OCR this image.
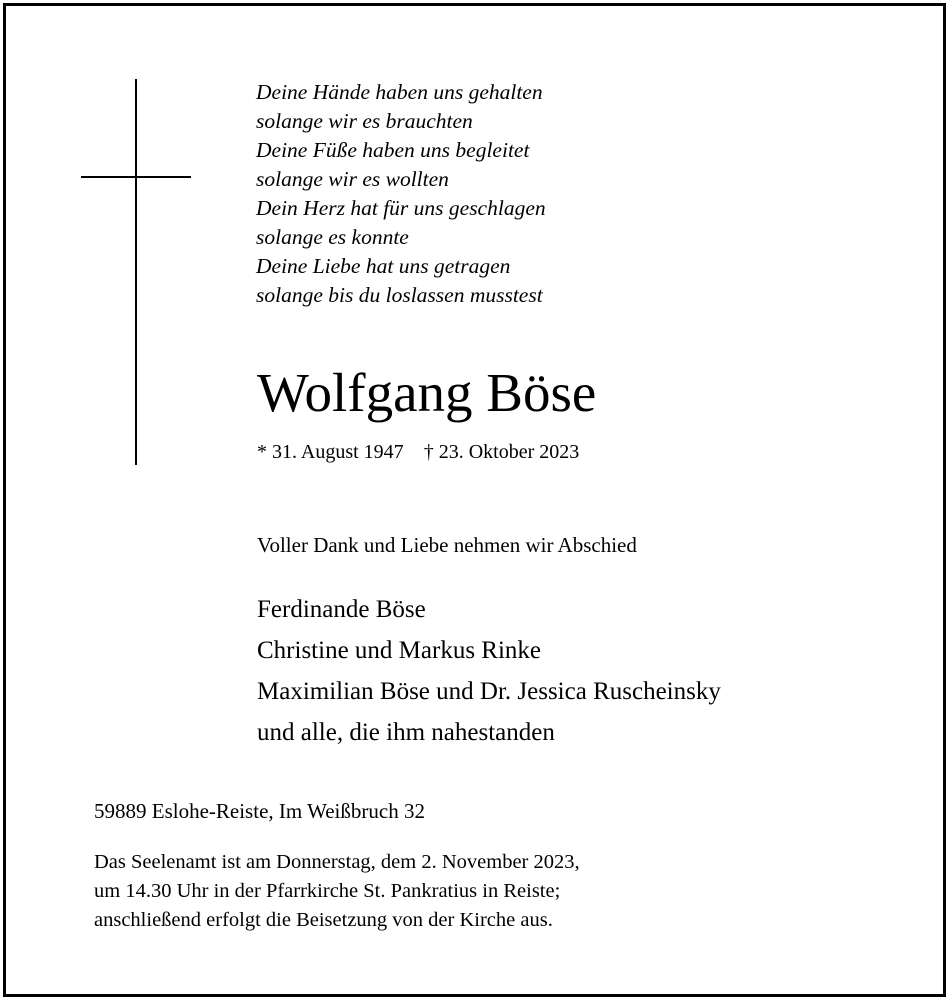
Deine Hände haben uns gehalten
solange wir es brauchten
Deine Füße haben uns begleitet
solange wir es wollten
Dein Herz hat für uns geschlagen
solange es konnte
Deine Liebe hat uns getragen
solange bis du loslassen musstest
Wolfgang Böse
* 31. August 1947 † 23. Oktober 2023
Voller Dank und Liebe nehmen wir Abschied
Ferdinande Böse
Christine und Markus Rinke
Maximilian Böse und Dr. Jessica Ruscheinsky
und alle, die ihm nahestanden
59889 Eslohe-Reiste, Im Weißbruch 32
Das Seelenamt ist am Donnerstag, dem 2. November 2023,
um 14.30 Uhr in der Pfarrkirche St. Pankratius in Reiste;
anschließend erfolgt die Beisetzung von der Kirche aus.
